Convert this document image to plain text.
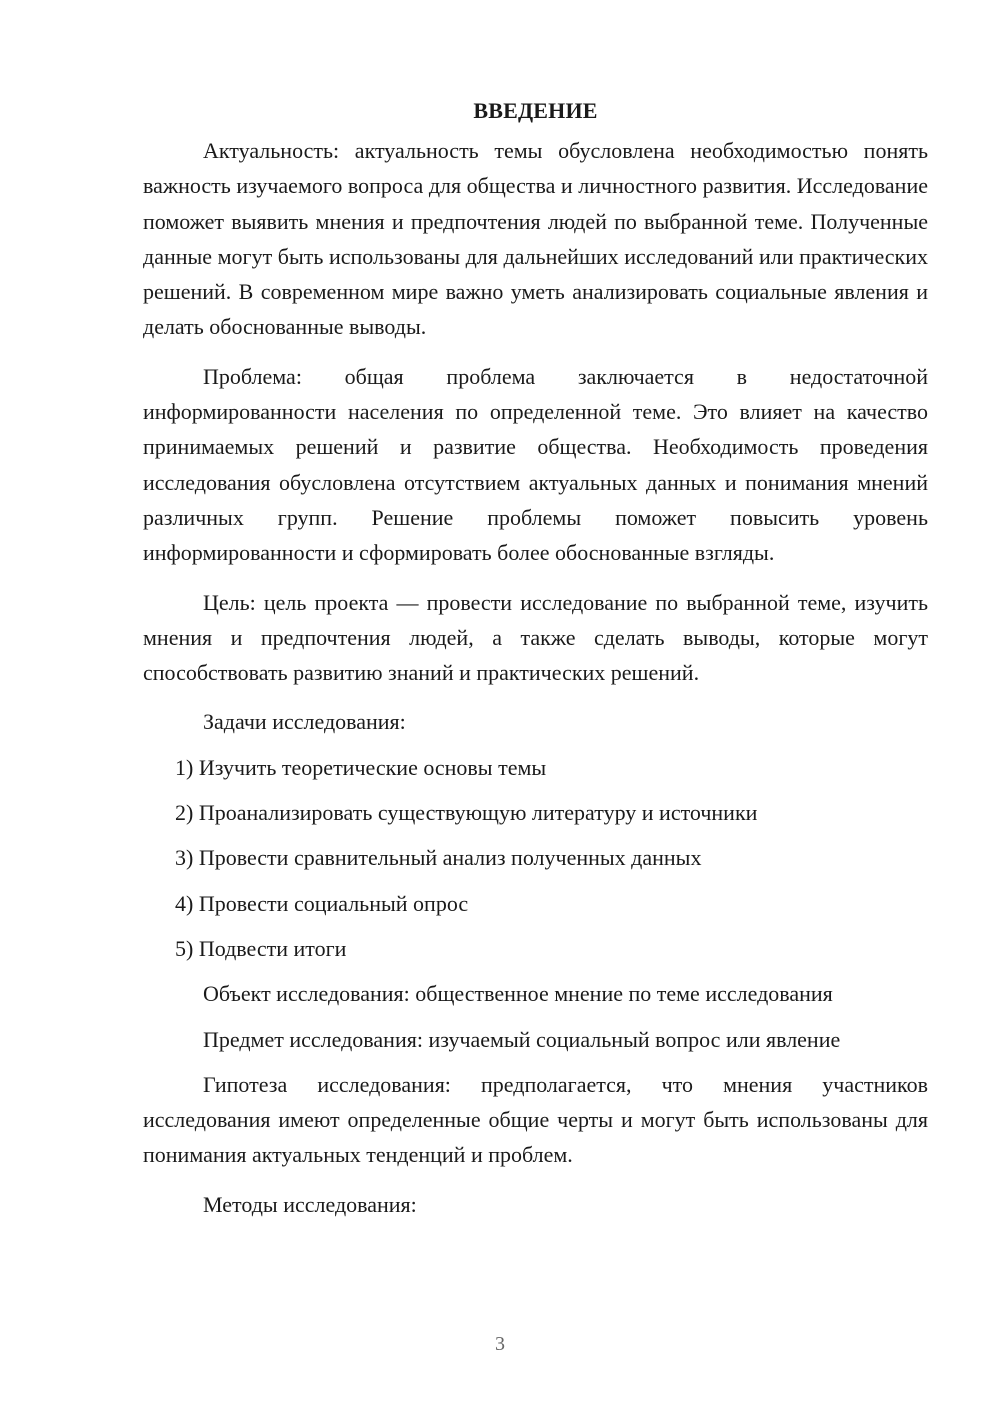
ВВЕДЕНИЕ

Актуальность: актуальность темы обусловлена необходимостью понять важность изучаемого вопроса для общества и личностного развития. Исследование поможет выявить мнения и предпочтения людей по выбранной теме. Полученные данные могут быть использованы для дальнейших исследований или практических решений. В современном мире важно уметь анализировать социальные явления и делать обоснованные выводы.

Проблема: общая проблема заключается в недостаточной информированности населения по определенной теме. Это влияет на качество принимаемых решений и развитие общества. Необходимость проведения исследования обусловлена отсутствием актуальных данных и понимания мнений различных групп. Решение проблемы поможет повысить уровень информированности и сформировать более обоснованные взгляды.

Цель: цель проекта — провести исследование по выбранной теме, изучить мнения и предпочтения людей, а также сделать выводы, которые могут способствовать развитию знаний и практических решений.

Задачи исследования:

1) Изучить теоретические основы темы
2) Проанализировать существующую литературу и источники
3) Провести сравнительный анализ полученных данных
4) Провести социальный опрос
5) Подвести итоги

Объект исследования: общественное мнение по теме исследования

Предмет исследования: изучаемый социальный вопрос или явление

Гипотеза исследования: предполагается, что мнения участников исследования имеют определенные общие черты и могут быть использованы для понимания актуальных тенденций и проблем.

Методы исследования:

3
